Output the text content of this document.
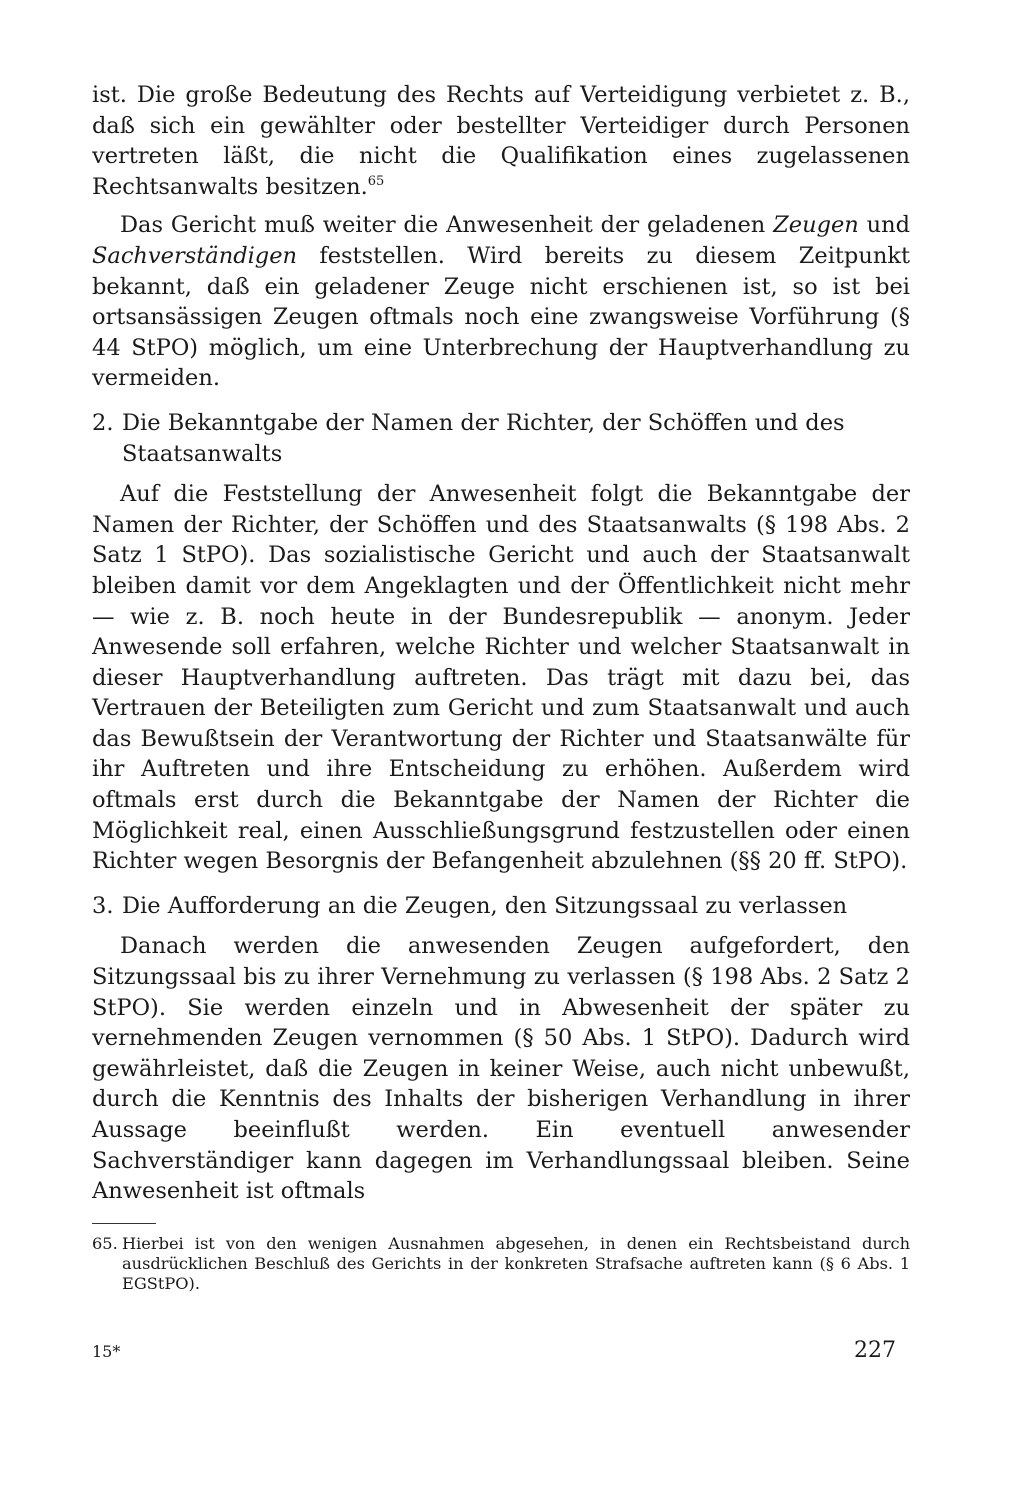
ist. Die große Bedeutung des Rechts auf Verteidigung verbietet z. B., daß sich ein gewählter oder bestellter Verteidiger durch Personen vertreten läßt, die nicht die Qualifikation eines zugelassenen Rechtsanwalts besitzen.$^{65}$

Das Gericht muß weiter die Anwesenheit der geladenen Zeugen und Sachverständigen feststellen. Wird bereits zu diesem Zeitpunkt bekannt, daß ein geladener Zeuge nicht erschienen ist, so ist bei ortsansässigen Zeugen oftmals noch eine zwangsweise Vorführung (§ 44 StPO) möglich, um eine Unterbrechung der Hauptverhandlung zu vermeiden.

2. Die Bekanntgabe der Namen der Richter, der Schöffen und des Staatsanwalts

Auf die Feststellung der Anwesenheit folgt die Bekanntgabe der Namen der Richter, der Schöffen und des Staatsanwalts (§ 198 Abs. 2 Satz 1 StPO). Das sozialistische Gericht und auch der Staatsanwalt bleiben damit vor dem Angeklagten und der Öffentlichkeit nicht mehr — wie z. B. noch heute in der Bundesrepublik — anonym. Jeder Anwesende soll erfahren, welche Richter und welcher Staatsanwalt in dieser Hauptverhandlung auftreten. Das trägt mit dazu bei, das Vertrauen der Beteiligten zum Gericht und zum Staatsanwalt und auch das Bewußtsein der Verantwortung der Richter und Staatsanwälte für ihr Auftreten und ihre Entscheidung zu erhöhen. Außerdem wird oftmals erst durch die Bekanntgabe der Namen der Richter die Möglichkeit real, einen Ausschließungsgrund festzustellen oder einen Richter wegen Besorgnis der Befangenheit abzulehnen (§§ 20 ff. StPO).

3. Die Aufforderung an die Zeugen, den Sitzungssaal zu verlassen

Danach werden die anwesenden Zeugen aufgefordert, den Sitzungssaal bis zu ihrer Vernehmung zu verlassen (§ 198 Abs. 2 Satz 2 StPO). Sie werden einzeln und in Abwesenheit der später zu vernehmenden Zeugen vernommen (§ 50 Abs. 1 StPO). Dadurch wird gewährleistet, daß die Zeugen in keiner Weise, auch nicht unbewußt, durch die Kenntnis des Inhalts der bisherigen Verhandlung in ihrer Aussage beeinflußt werden. Ein eventuell anwesender Sachverständiger kann dagegen im Verhandlungssaal bleiben. Seine Anwesenheit ist oftmals

65. Hierbei ist von den wenigen Ausnahmen abgesehen, in denen ein Rechtsbeistand durch ausdrücklichen Beschluß des Gerichts in der konkreten Strafsache auftreten kann (§ 6 Abs. 1 EGStPO).
15*	227
